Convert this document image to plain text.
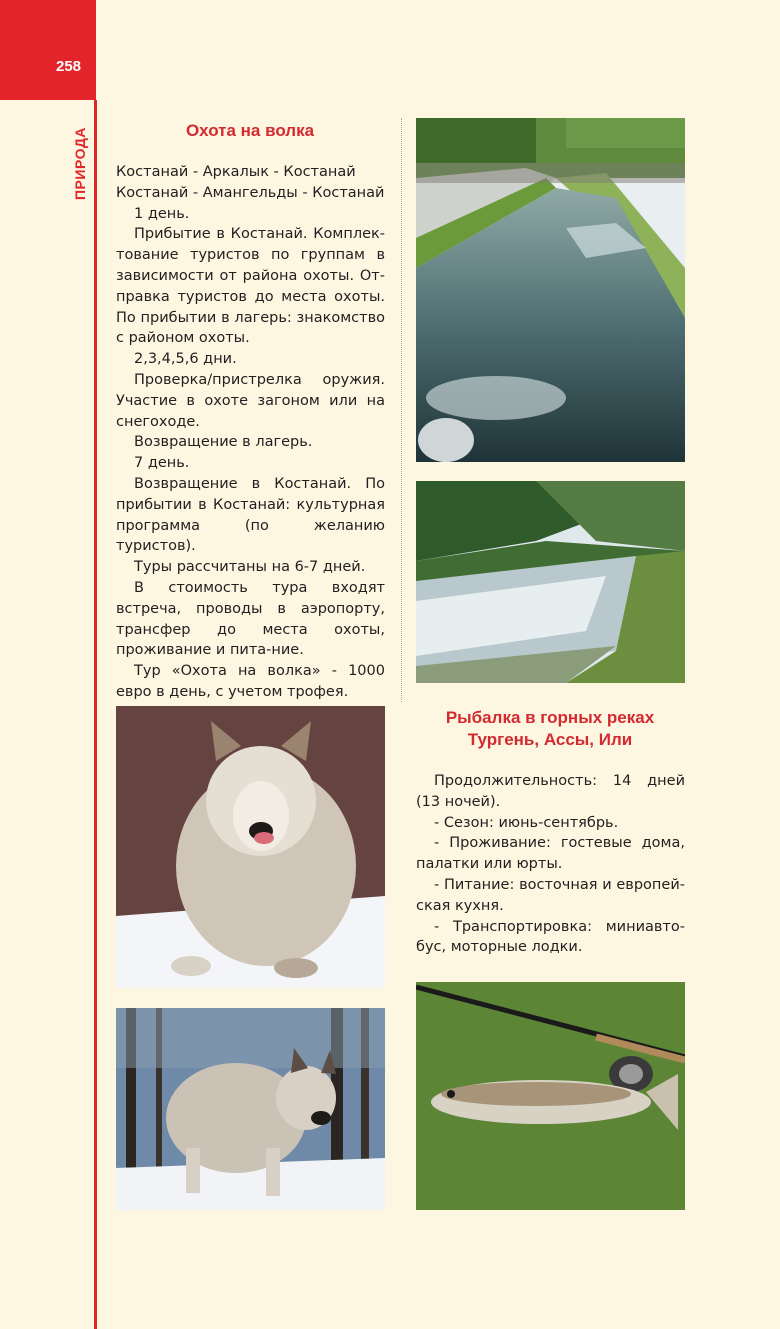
258
ПРИРОДА	Охота на волка

Костанай - Аркалык - Костанай

Костанай - Амангельды - Костанай

1 день.

Прибытие в Костанай. Комплек-тование туристов по группам в зависимости от района охоты. От-правка туристов до места охоты. По прибытии в лагерь: знакомство с районом охоты.

2,3,4,5,6 дни.

Проверка/пристрелка оружия. Участие в охоте загоном или на снегоходе.

Возвращение в лагерь.

7 день.

Возвращение в Костанай. По прибытии в Костанай: культурная программа (по желанию туристов).

Туры рассчитаны на 6-7 дней.

В стоимость тура входят встреча, проводы в аэропорту, трансфер до места охоты, проживание и пита-ние.

Тур «Охота на волка» - 1000 евро в день, с учетом трофея.

Рыбалка в горных реках
Тургень, Ассы, Или

Продолжительность: 14 дней (13 ночей).

- Сезон: июнь-сентябрь.

- Проживание: гостевые дома, палатки или юрты.

- Питание: восточная и европей-ская кухня.

- Транспортировка: миниавто-бус, моторные лодки.
